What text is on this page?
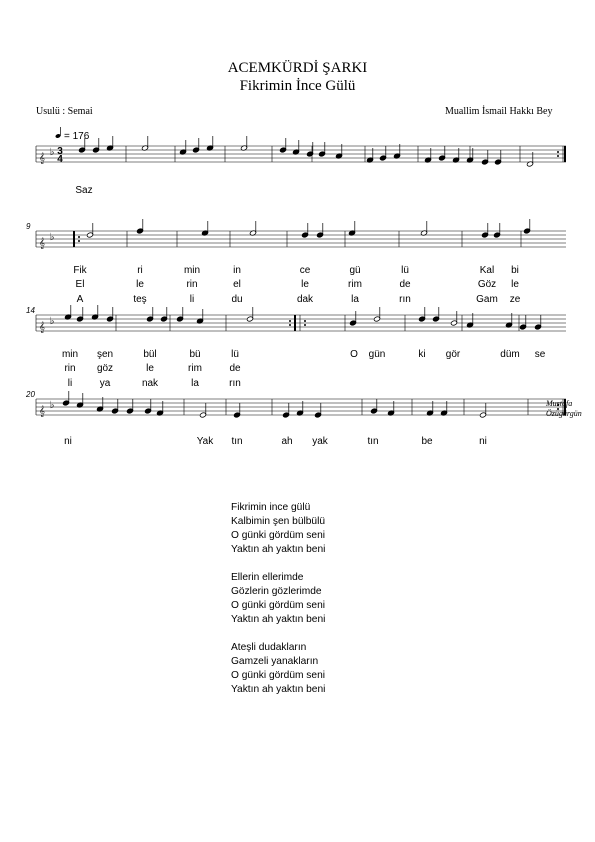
ACEMKÜRDİ ŞARKI
Fikrimin İnce Gülü
Usulü : Semai	Muallim İsmail Hakkı Bey
𝄞
♭
𝄞
♭
𝄞
♭
𝄞
♭
3
4
= 176
9
14
20
Saz
Fik	ri	min	in	ce	gü	lü	Kal bi
El	le	rin	el	le	rim	de	Göz le
A	teş	li	du	dak	la	rın	Gam ze
min şen	bül	bü	lü	O gün	ki gör	düm se
rin göz	le	rim	de
li	ya	nak	la	rın
ni	Yak tın	ah yak	tın	be	ni
Mustafa
Özügürgün
Fikrimin ince gülü
Kalbimin şen bülbülü
O günki gördüm seni
Yaktın ah yaktın beni
Ellerin ellerimde
Gözlerin gözlerimde
O günki gördüm seni
Yaktın ah yaktın beni
Ateşli dudakların
Gamzeli yanakların
O günki gördüm seni
Yaktın ah yaktın beni
